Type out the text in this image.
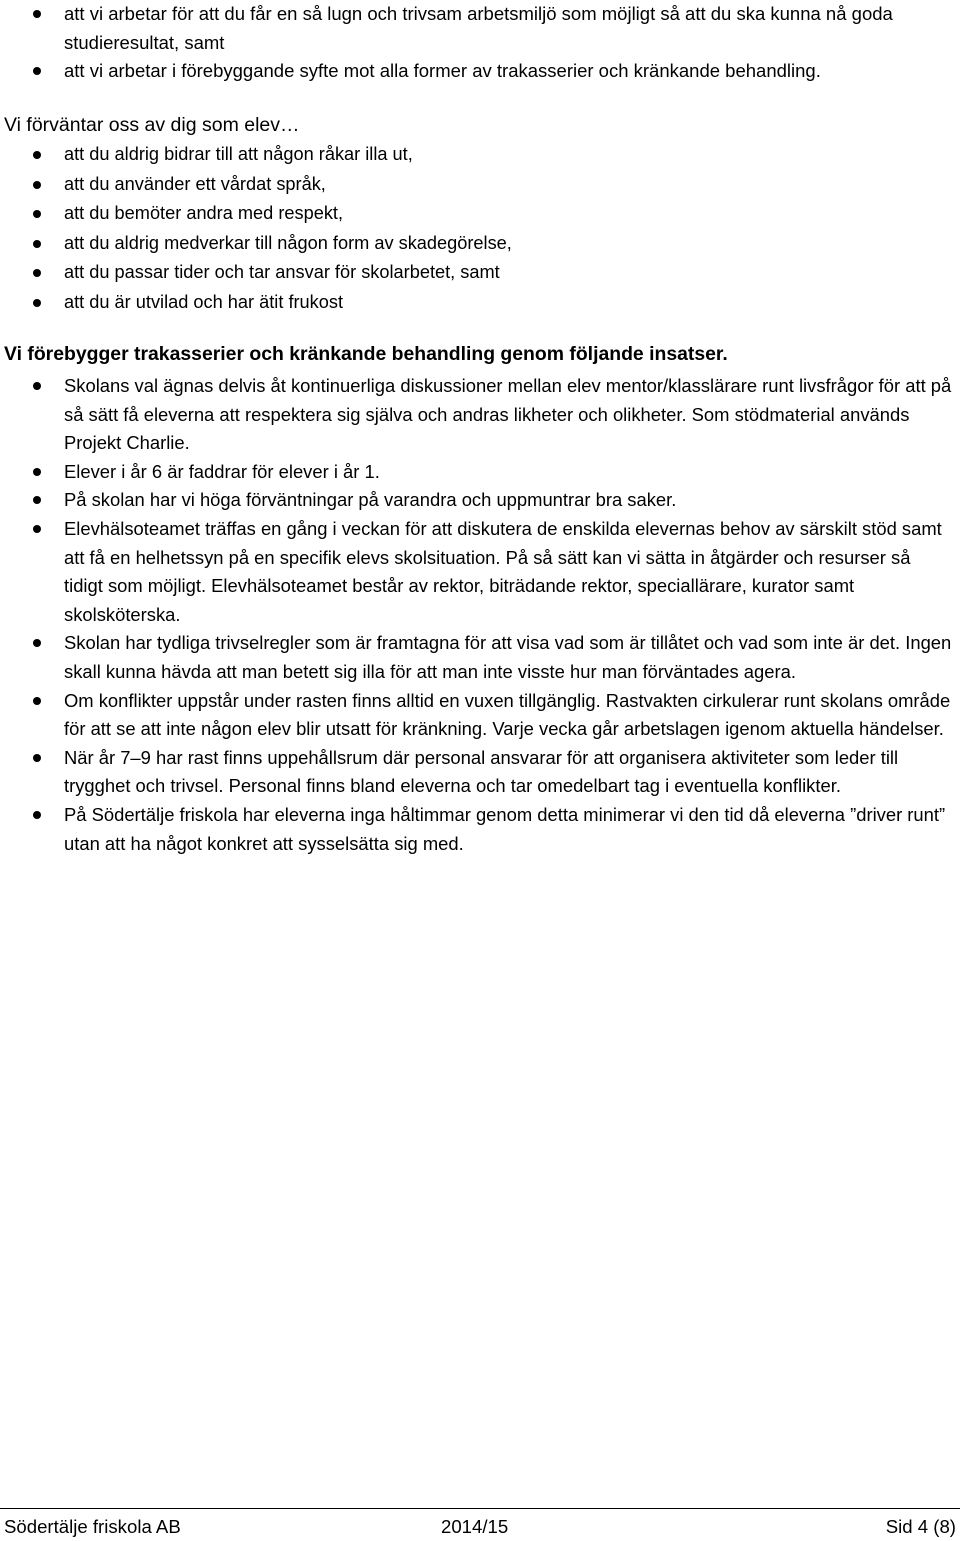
att vi arbetar för att du får en så lugn och trivsam arbetsmiljö som möjligt så att du ska kunna nå goda studieresultat, samt
att vi arbetar i förebyggande syfte mot alla former av trakasserier och kränkande behandling.
Vi förväntar oss av dig som elev…
att du aldrig bidrar till att någon råkar illa ut,
att du använder ett vårdat språk,
att du bemöter andra med respekt,
att du aldrig medverkar till någon form av skadegörelse,
att du passar tider och tar ansvar för skolarbetet, samt
att du är utvilad och har ätit frukost
Vi förebygger trakasserier och kränkande behandling genom följande insatser.
Skolans val ägnas delvis åt kontinuerliga diskussioner mellan elev mentor/klasslärare runt livsfrågor för att på så sätt få eleverna att respektera sig själva och andras likheter och olikheter. Som stödmaterial används Projekt Charlie.
Elever i år 6 är faddrar för elever i år 1.
På skolan har vi höga förväntningar på varandra och uppmuntrar bra saker.
Elevhälsoteamet träffas en gång i veckan för att diskutera de enskilda elevernas behov av särskilt stöd samt att få en helhetssyn på en specifik elevs skolsituation. På så sätt kan vi sätta in åtgärder och resurser så tidigt som möjligt. Elevhälsoteamet består av rektor, biträdande rektor, speciallärare, kurator samt skolsköterska.
Skolan har tydliga trivselregler som är framtagna för att visa vad som är tillåtet och vad som inte är det. Ingen skall kunna hävda att man betett sig illa för att man inte visste hur man förväntades agera.
Om konflikter uppstår under rasten finns alltid en vuxen tillgänglig. Rastvakten cirkulerar runt skolans område för att se att inte någon elev blir utsatt för kränkning. Varje vecka går arbetslagen igenom aktuella händelser.
När år 7–9 har rast finns uppehållsrum där personal ansvarar för att organisera aktiviteter som leder till trygghet och trivsel. Personal finns bland eleverna och tar omedelbart tag i eventuella konflikter.
På Södertälje friskola har eleverna inga håltimmar genom detta minimerar vi den tid då eleverna ”driver runt” utan att ha något konkret att sysselsätta sig med.
Södertälje friskola AB	2014/15	Sid 4 (8)
